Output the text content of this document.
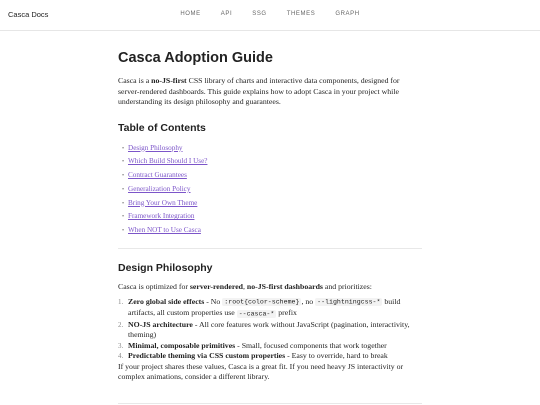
Casca Docs	HOME	API	SSG	THEMES	GRAPH
Casca Adoption Guide

Casca is a no-JS-first CSS library of charts and interactive data components, designed for server-rendered dashboards. This guide explains how to adopt Casca in your project while understanding its design philosophy and guarantees.

Table of Contents
• Design Philosophy
• Which Build Should I Use?
• Contract Guarantees
• Generalization Policy
• Bring Your Own Theme
• Framework Integration
• When NOT to Use Casca
Design Philosophy

Casca is optimized for server-rendered, no-JS-first dashboards and prioritizes:

1. Zero global side effects - No :root{color-scheme} , no --lightningcss-* build artifacts, all custom properties use --casca-* prefix
2. NO-JS architecture - All core features work without JavaScript (pagination, interactivity, theming)
3. Minimal, composable primitives - Small, focused components that work together
4. Predictable theming via CSS custom properties - Easy to override, hard to break

If your project shares these values, Casca is a great fit. If you need heavy JS interactivity or complex animations, consider a different library.
